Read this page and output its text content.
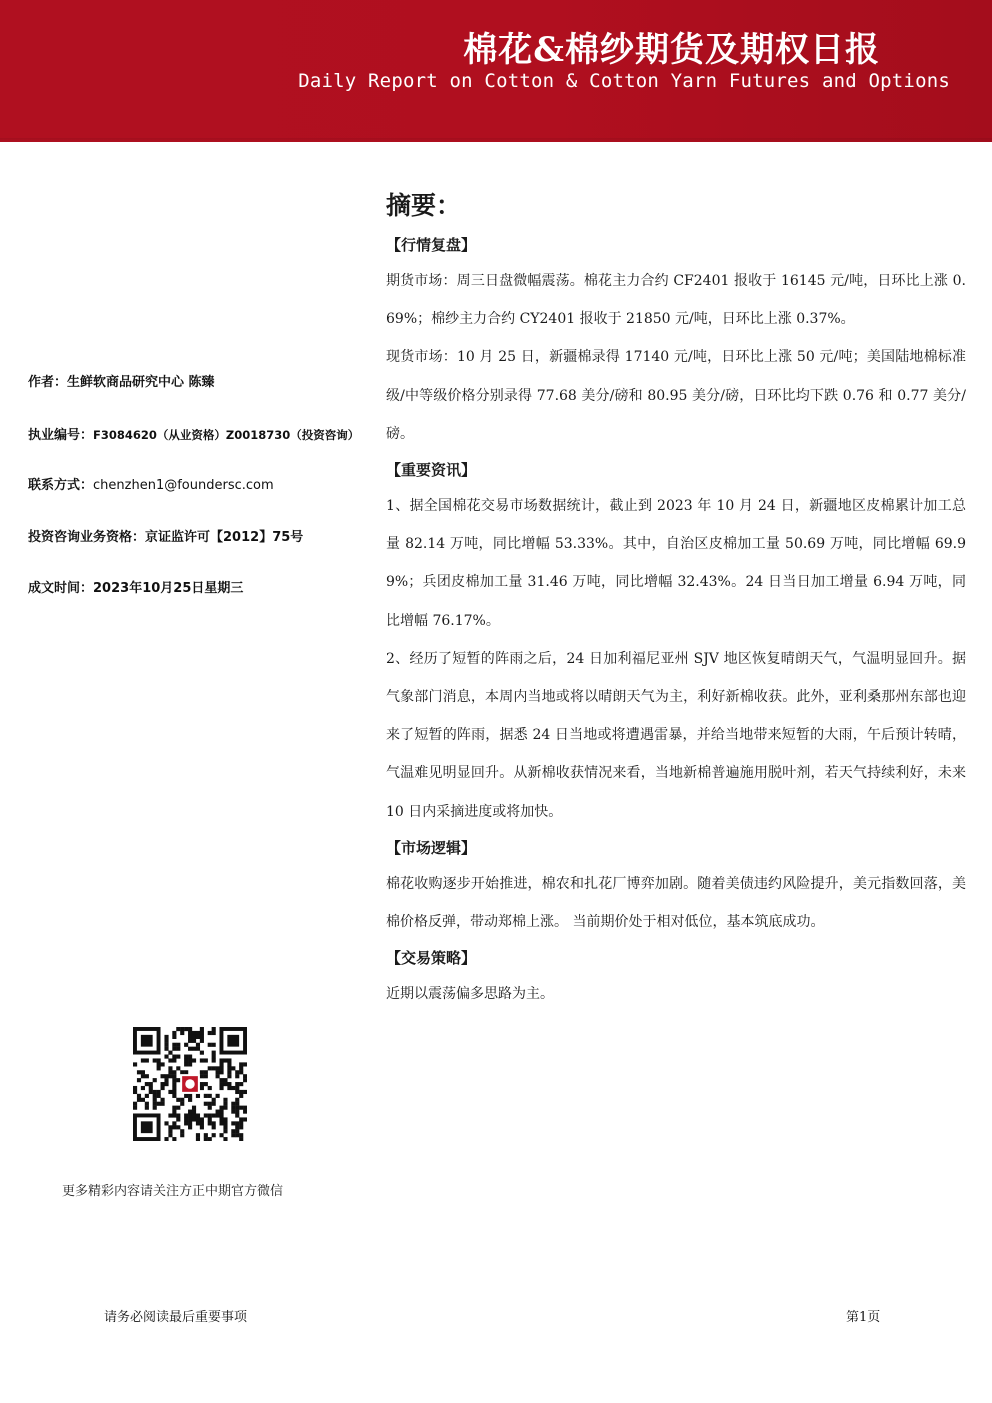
棉花&棉纱期货及期权日报
Daily Report on Cotton & Cotton Yarn Futures and Options
作者：生鲜软商品研究中心 陈臻
执业编号：F3084620（从业资格）Z0018730（投资咨询）
联系方式：chenzhen1@foundersc.com
投资咨询业务资格：京证监许可【2012】75号
成文时间：2023年10月25日星期三
更多精彩内容请关注方正中期官方微信
摘要：
【行情复盘】

期货市场：周三日盘微幅震荡。棉花主力合约 CF2401 报收于 16145 元/吨，日环比上涨 0.69%；棉纱主力合约 CY2401 报收于 21850 元/吨，日环比上涨 0.37%。

现货市场：10 月 25 日，新疆棉录得 17140 元/吨，日环比上涨 50 元/吨；美国陆地棉标准级/中等级价格分别录得 77.68 美分/磅和 80.95 美分/磅，日环比均下跌 0.76 和 0.77 美分/磅。

【重要资讯】

1、据全国棉花交易市场数据统计，截止到 2023 年 10 月 24 日，新疆地区皮棉累计加工总量 82.14 万吨，同比增幅 53.33%。其中，自治区皮棉加工量 50.69 万吨，同比增幅 69.99%；兵团皮棉加工量 31.46 万吨，同比增幅 32.43%。24 日当日加工增量 6.94 万吨，同比增幅 76.17%。

2、经历了短暂的阵雨之后，24 日加利福尼亚州 SJV 地区恢复晴朗天气，气温明显回升。据气象部门消息，本周内当地或将以晴朗天气为主，利好新棉收获。此外，亚利桑那州东部也迎来了短暂的阵雨，据悉 24 日当地或将遭遇雷暴，并给当地带来短暂的大雨，午后预计转晴，气温难见明显回升。从新棉收获情况来看，当地新棉普遍施用脱叶剂，若天气持续利好，未来 10 日内采摘进度或将加快。

【市场逻辑】

棉花收购逐步开始推进，棉农和扎花厂博弈加剧。随着美债违约风险提升，美元指数回落，美棉价格反弹，带动郑棉上涨。 当前期价处于相对低位，基本筑底成功。

【交易策略】

近期以震荡偏多思路为主。

请务必阅读最后重要事项	第1页
